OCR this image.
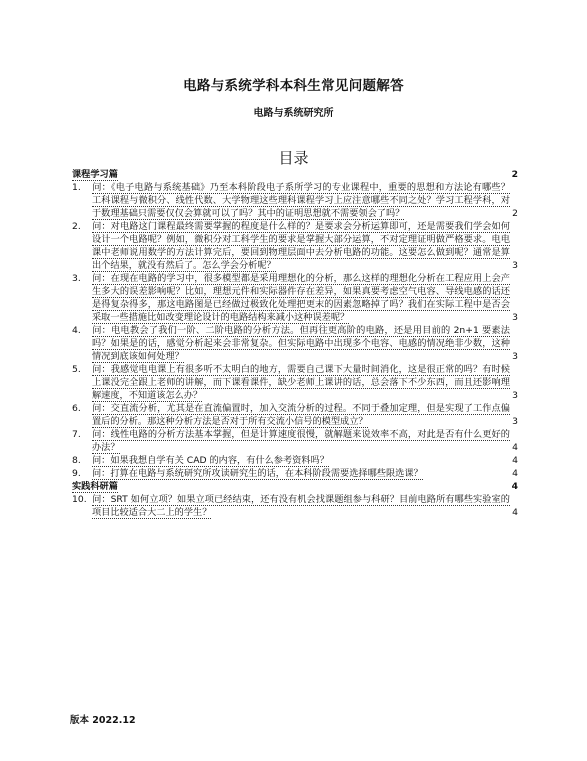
电路与系统学科本科生常见问题解答
电路与系统研究所
目录
课程学习篇	2
1. 问：《电子电路与系统基础》乃至本科阶段电子系所学习的专业课程中，重要的思想和方法论有哪些？工科课程与微积分、线性代数、大学物理这些理科课程学习上应注意哪些不同之处？学习工程学科，对于数理基础只需要仅仅会算就可以了吗？其中的证明思想就不需要领会了吗？	2
2. 问：对电路这门课程最终需要掌握的程度是什么样的？是要求会分析运算即可，还是需要我们学会如何设计一个电路呢？例如，微积分对工科学生的要求是掌握大部分运算，不对定理证明做严格要求。电电课中老师说用数学的方法计算完后，要回到物理层面中去分析电路的功能。这要怎么做到呢？通常是算出个结果，就没有然后了。怎么学会分析呢？	3
3. 问：在现在电路的学习中，很多模型都是采用理想化的分析，那么这样的理想化分析在工程应用上会产生多大的误差影响呢？比如，理想元件和实际器件存在差异，如果真要考虑空气电容、导线电感的话还是得复杂得多，那这电路图是已经做过极致化处理把更末的因素忽略掉了吗？我们在实际工程中是否会采取一些措施比如改变理论设计的电路结构来减小这种误差呢？	3
4. 问：电电教会了我们一阶、二阶电路的分析方法。但再往更高阶的电路，还是用目前的 2n+1 要素法吗？如果是的话，感觉分析起来会非常复杂。但实际电路中出现多个电容、电感的情况绝非少数，这种情况到底该如何处理？	3
5. 问：我感觉电电课上有很多听不太明白的地方，需要自己课下大量时间消化，这是很正常的吗？有时候上课没完全跟上老师的讲解，而下课看课件，缺少老师上课讲的话，总会落下不少东西，而且还影响理解速度，不知道该怎么办？	3
6. 问：交直流分析，尤其是在直流偏置时，加入交流分析的过程。不同于叠加定理，但是实现了工作点偏置后的分析。那这种分析方法是否对于所有交流小信号的模型成立？	3
7. 问：线性电路的分析方法基本掌握，但是计算速度很慢，就解题来说效率不高，对此是否有什么更好的办法？	4
8. 问：如果我想自学有关 CAD 的内容，有什么参考资料吗？	4
9. 问：打算在电路与系统研究所攻读研究生的话，在本科阶段需要选择哪些限选课？	4
实践科研篇	4
10. 问：SRT 如何立项？如果立项已经结束，还有没有机会找课题组参与科研？目前电路所有哪些实验室的项目比较适合大二上的学生？	4
版本 2022.12
